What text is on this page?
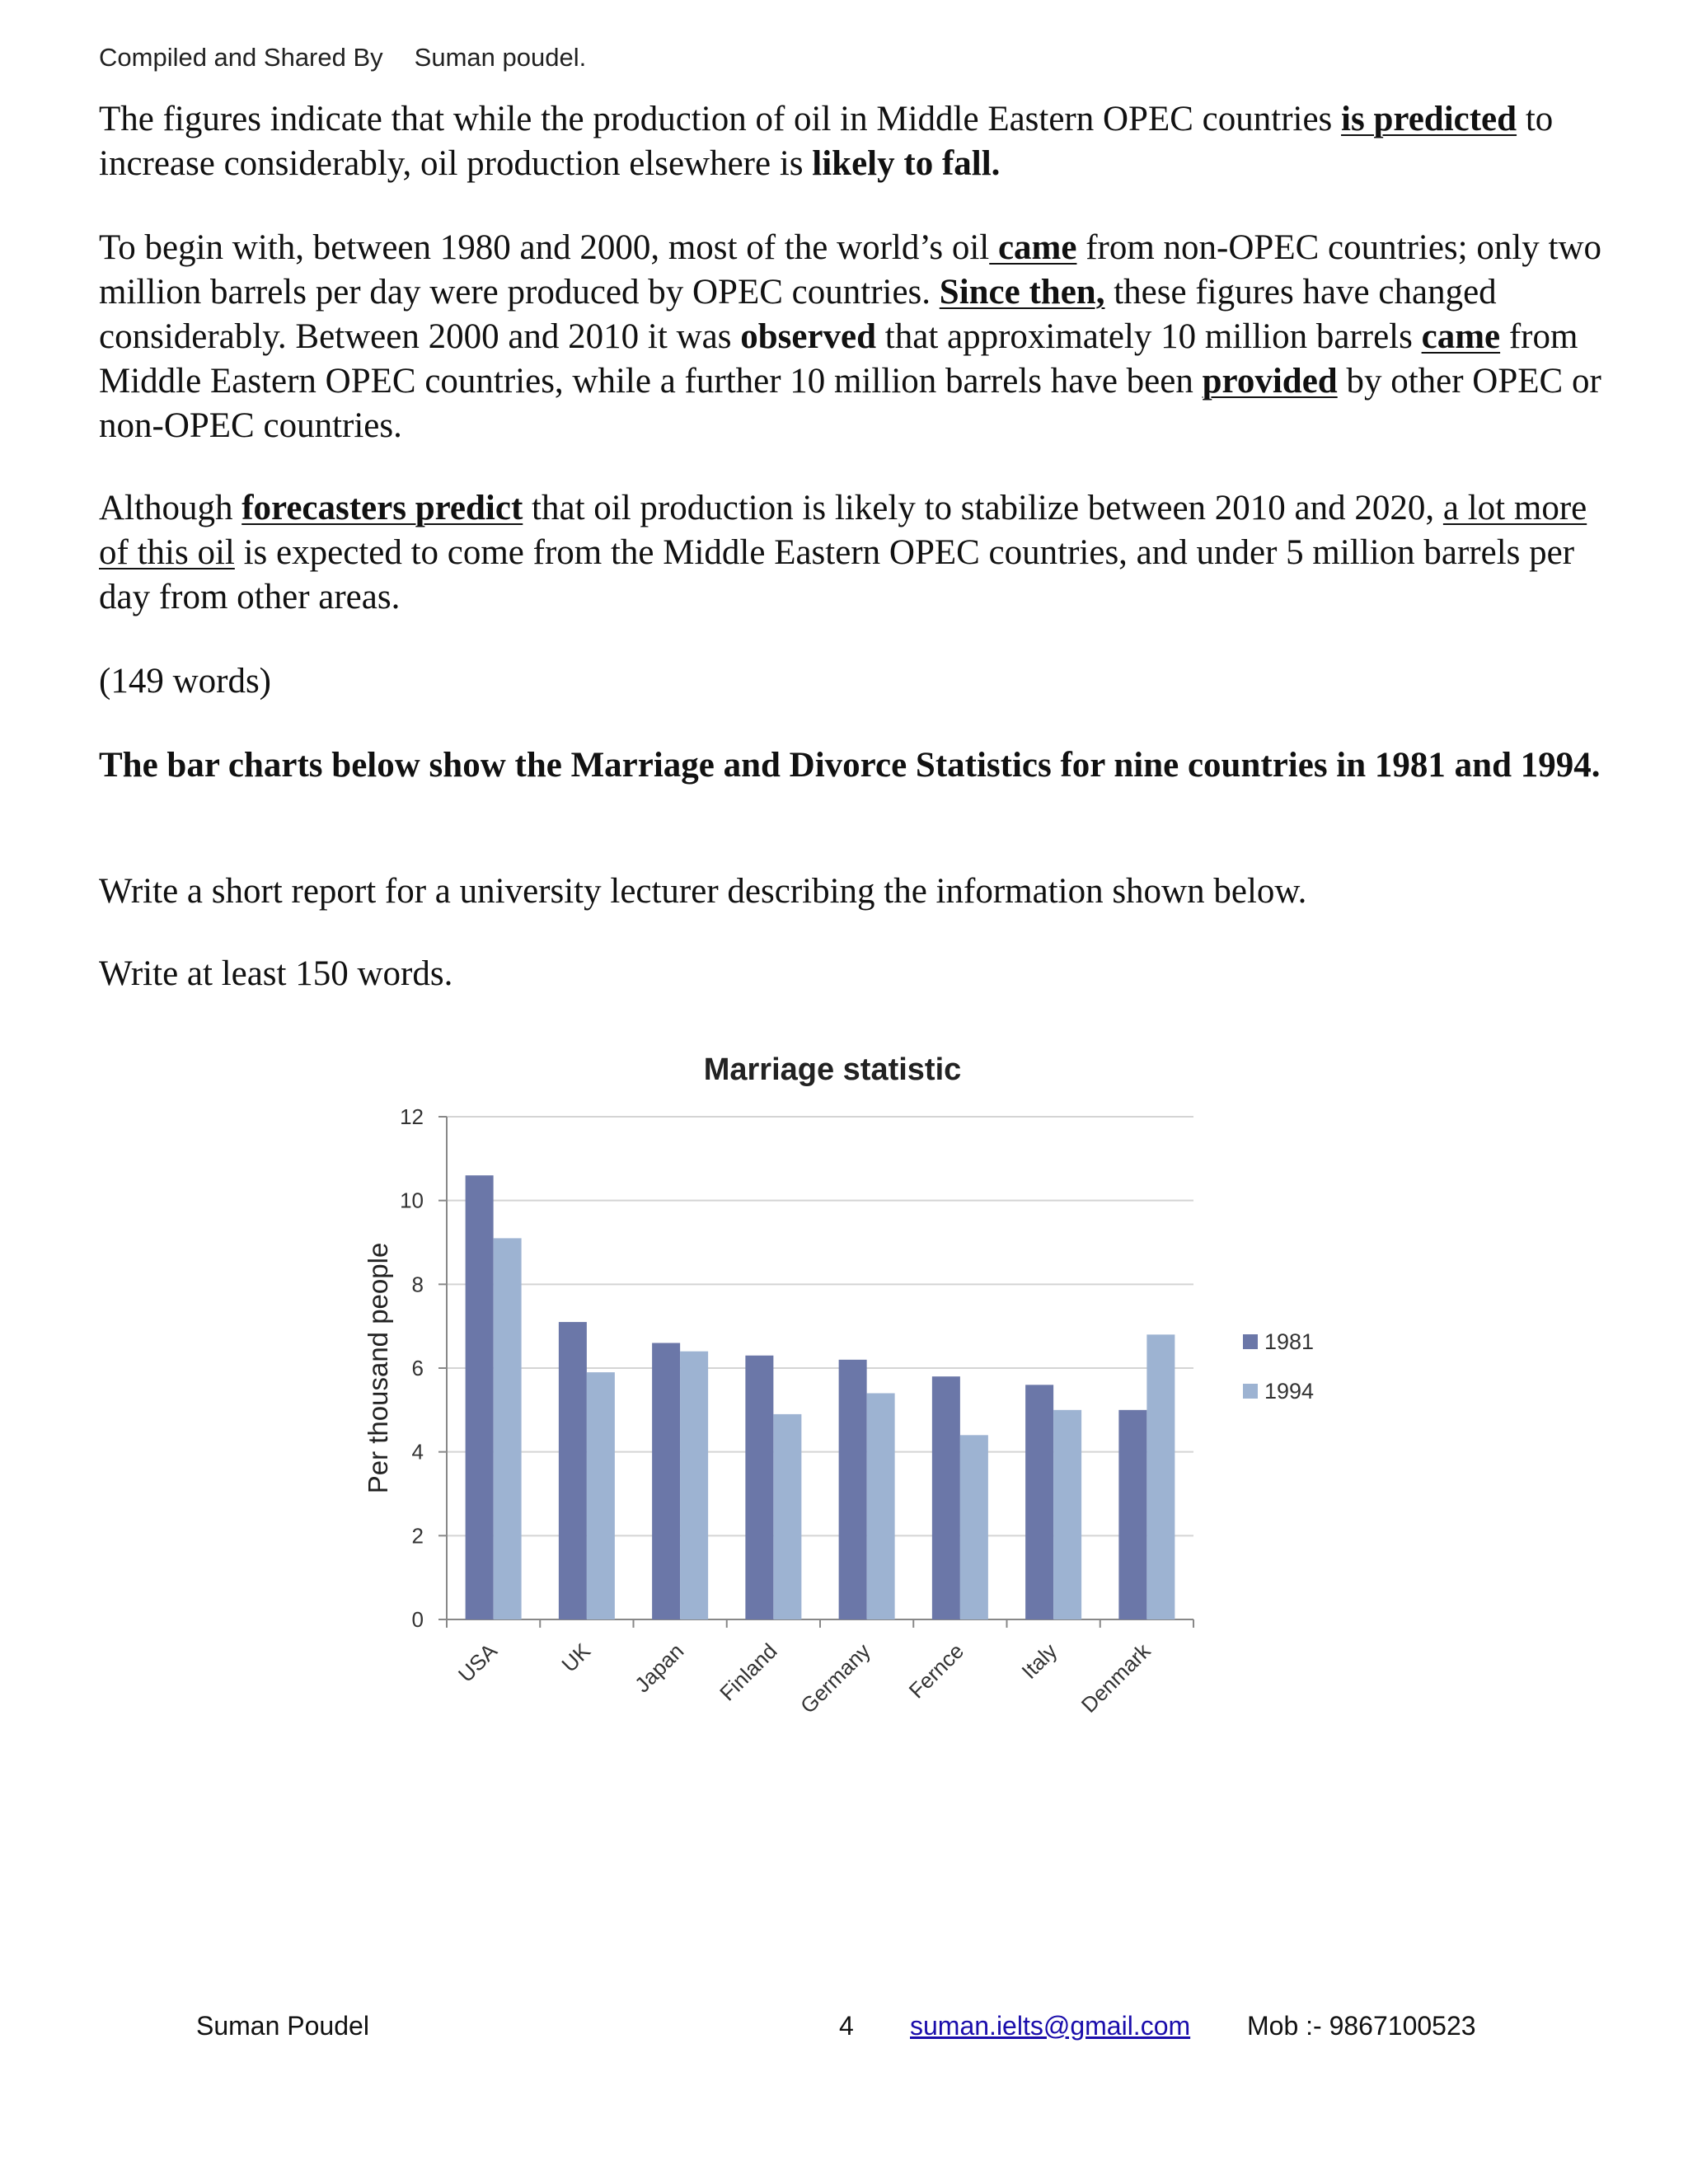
Compiled and Shared By Suman poudel.

The figures indicate that while the production of oil in Middle Eastern OPEC countries is predicted to increase considerably, oil production elsewhere is likely to fall.

To begin with, between 1980 and 2000, most of the world’s oil came from non-OPEC countries; only two million barrels per day were produced by OPEC countries. Since then, these figures have changed considerably. Between 2000 and 2010 it was observed that approximately 10 million barrels came from Middle Eastern OPEC countries, while a further 10 million barrels have been provided by other OPEC or non-OPEC countries.

Although forecasters predict that oil production is likely to stabilize between 2010 and 2020, a lot more of this oil is expected to come from the Middle Eastern OPEC countries, and under 5 million barrels per day from other areas.

(149 words)

The bar charts below show the Marriage and Divorce Statistics for nine countries in 1981 and 1994.

Write a short report for a university lecturer describing the information shown below.

Write at least 150 words.

Marriage statistic
0
2
4
6
8
10
12
Per thousand people
USA	UK Japan Finland Germany Fernce Italy Denmark
1981
1994
Suman Poudel	4 suman.ielts@gmail.com Mob :- 9867100523
